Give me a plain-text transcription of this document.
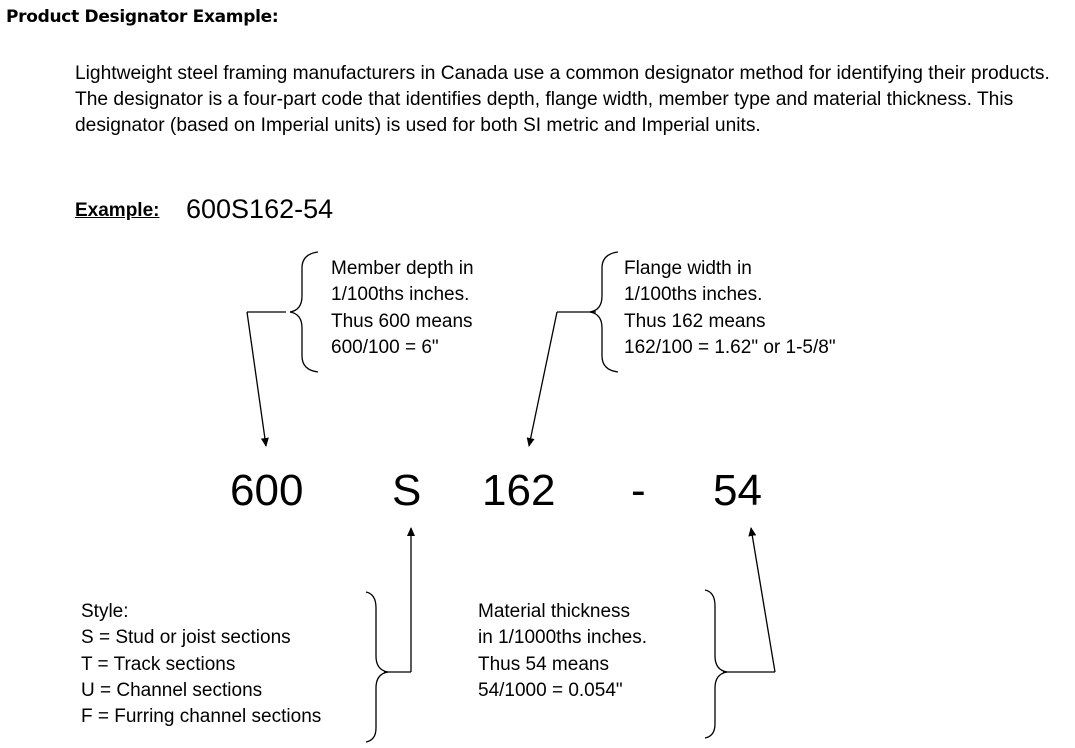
Product Designator Example:
Lightweight steel framing manufacturers in Canada use a common designator method for identifying their products. The designator is a four-part code that identifies depth, flange width, member type and material thickness. This designator (based on Imperial units) is used for both SI metric and Imperial units.
Example: 600S162-54
Member depth in
1/100ths inches.
Thus 600 means
600/100 = 6"
Flange width in
1/100ths inches.
Thus 162 means
162/100 = 1.62" or 1-5/8"
Style:
S = Stud or joist sections
T = Track sections
U = Channel sections
F = Furring channel sections
Material thickness
in 1/1000ths inches.
Thus 54 means
54/1000 = 0.054"
600 S 162 - 54
